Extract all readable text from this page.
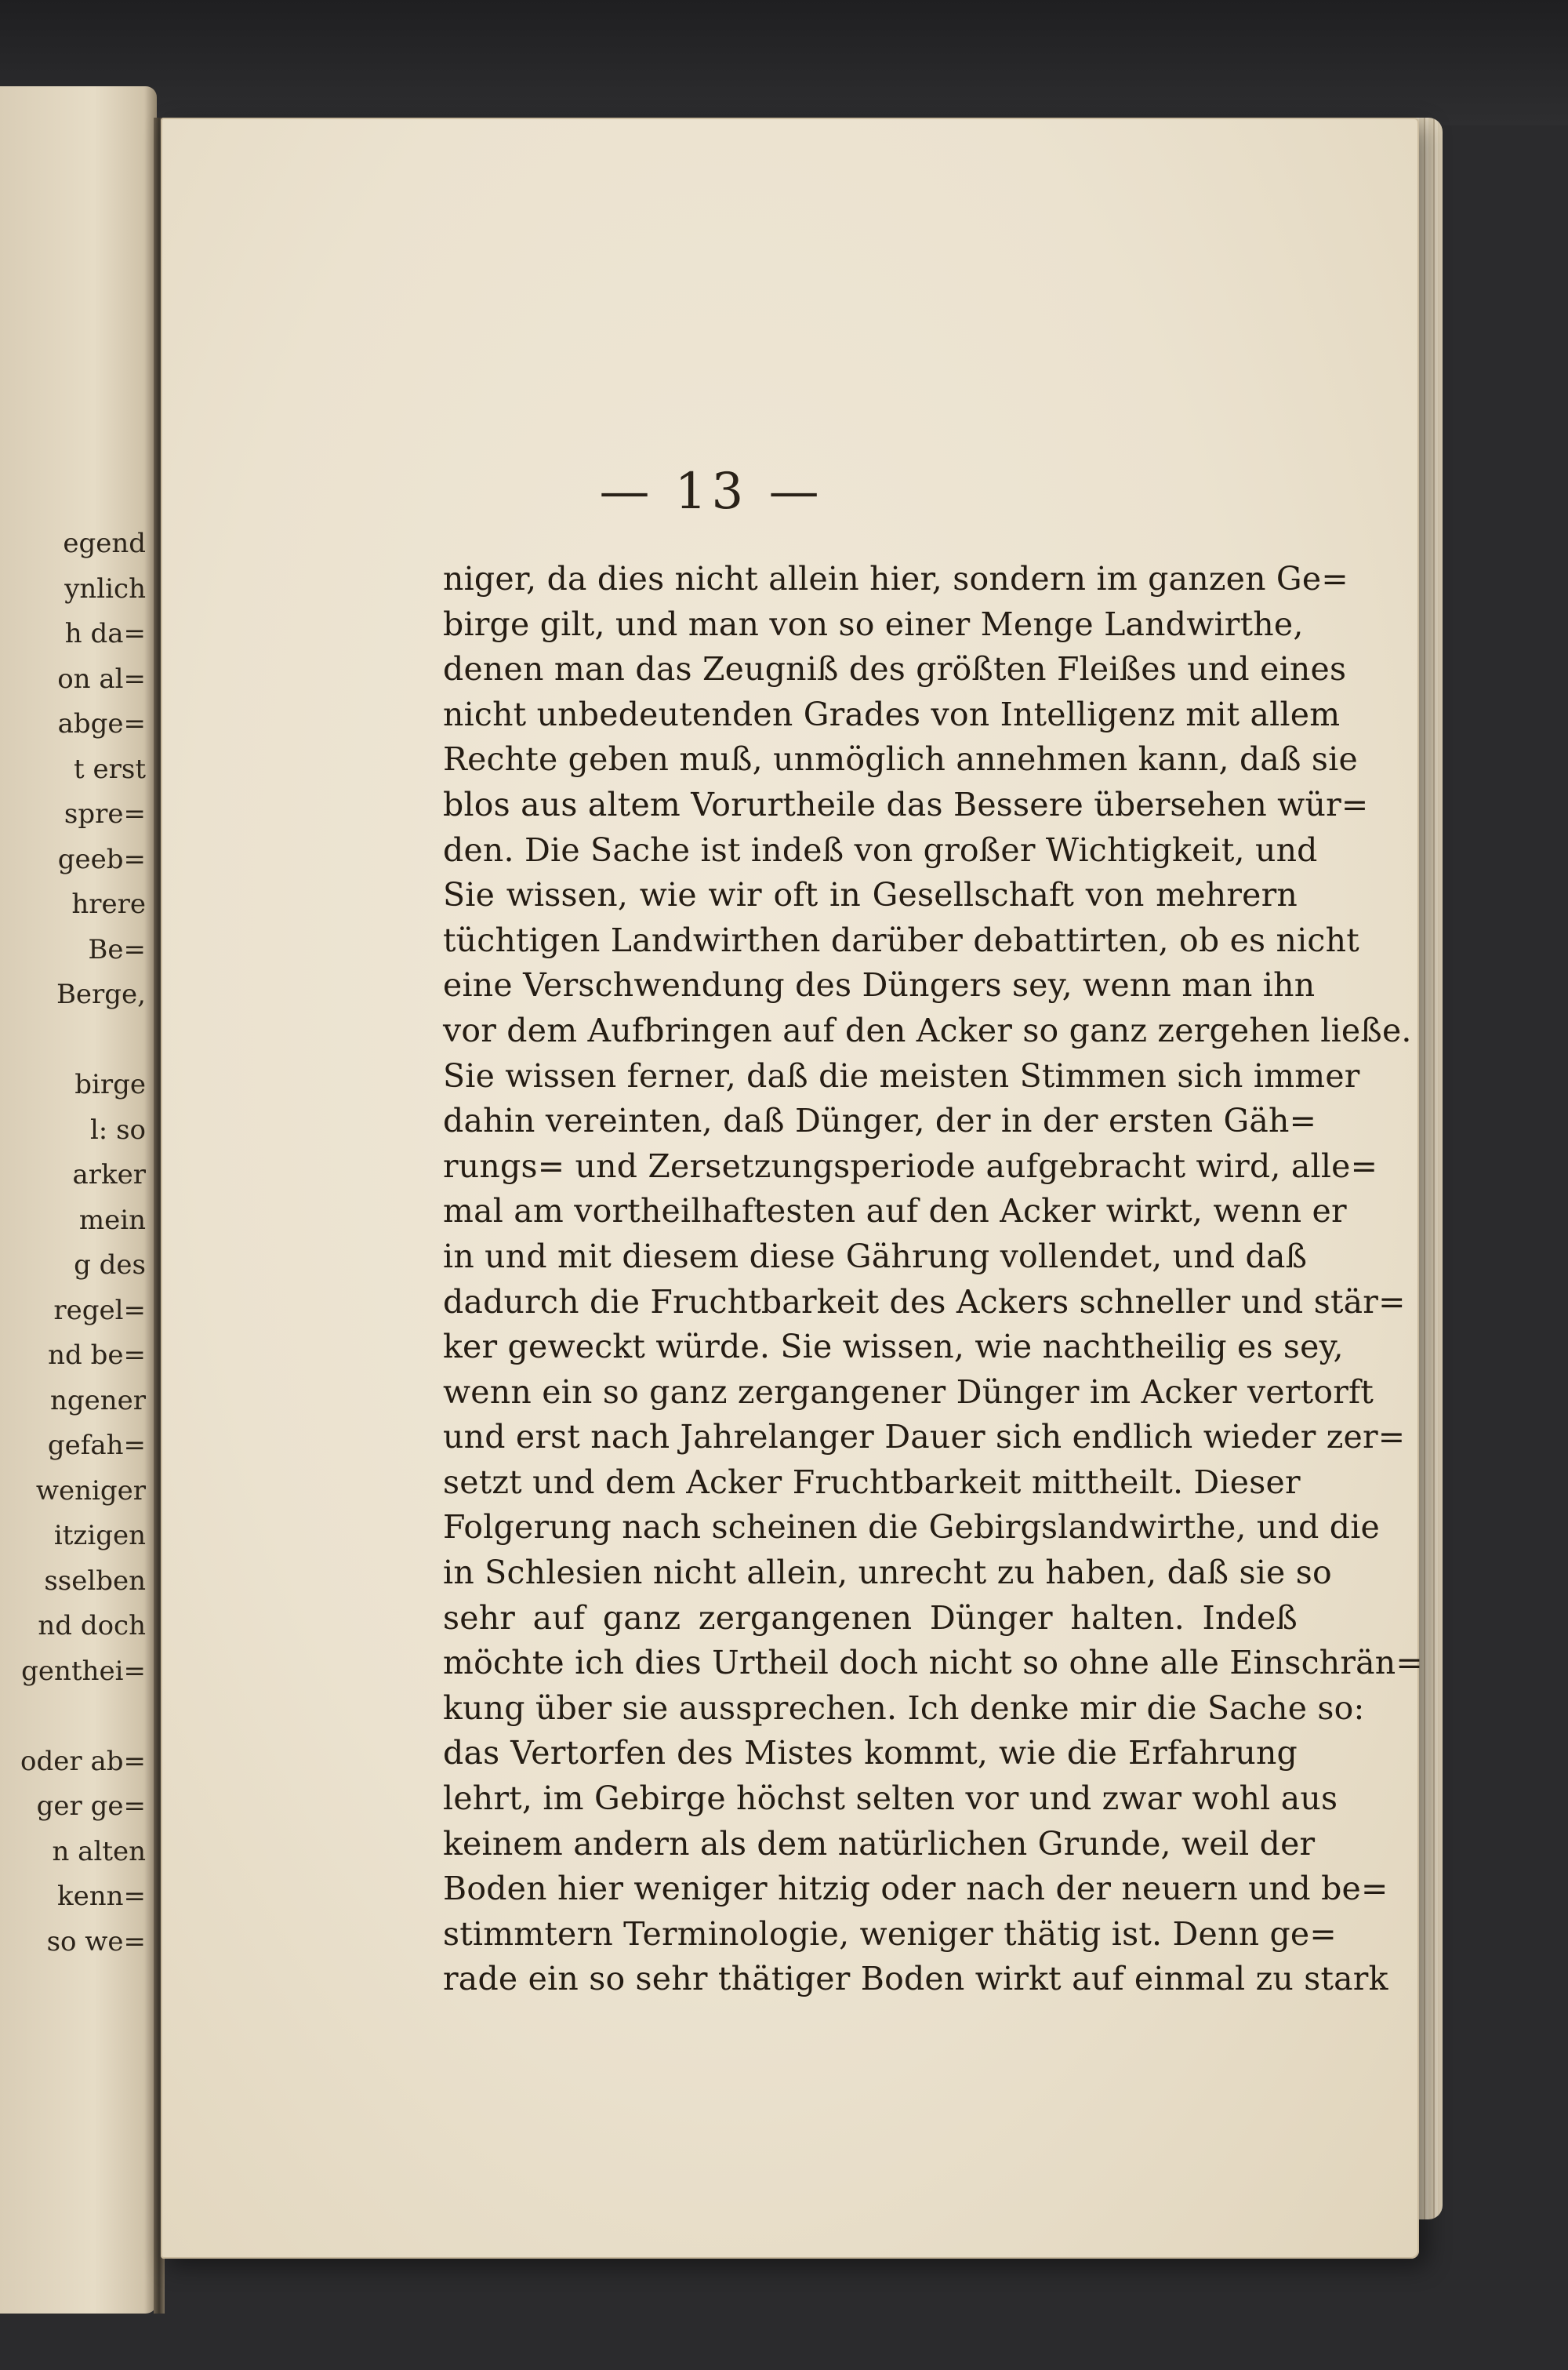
egend
ynlich
h da=
on al=
abge=
t erst
spre=
geeb=
hrere
Be=
Berge,
birge
l: so
arker
mein
g des
regel=
nd be=
ngener
gefah=
weniger
itzigen
sselben
nd doch
genthei=
oder ab=
ger ge=
n alten
kenn=
so we=
— 13 —
niger, da dies nicht allein hier, sondern im ganzen Ge=
birge gilt, und man von so einer Menge Landwirthe,
denen man das Zeugniß des größten Fleißes und eines
nicht unbedeutenden Grades von Intelligenz mit allem
Rechte geben muß, unmöglich annehmen kann, daß sie
blos aus altem Vorurtheile das Bessere übersehen wür=
den. Die Sache ist indeß von großer Wichtigkeit, und
Sie wissen, wie wir oft in Gesellschaft von mehrern
tüchtigen Landwirthen darüber debattirten, ob es nicht
eine Verschwendung des Düngers sey, wenn man ihn
vor dem Aufbringen auf den Acker so ganz zergehen ließe.
Sie wissen ferner, daß die meisten Stimmen sich immer
dahin vereinten, daß Dünger, der in der ersten Gäh=
rungs= und Zersetzungsperiode aufgebracht wird, alle=
mal am vortheilhaftesten auf den Acker wirkt, wenn er
in und mit diesem diese Gährung vollendet, und daß
dadurch die Fruchtbarkeit des Ackers schneller und stär=
ker geweckt würde. Sie wissen, wie nachtheilig es sey,
wenn ein so ganz zergangener Dünger im Acker vertorft
und erst nach Jahrelanger Dauer sich endlich wieder zer=
setzt und dem Acker Fruchtbarkeit mittheilt. Dieser
Folgerung nach scheinen die Gebirgslandwirthe, und die
in Schlesien nicht allein, unrecht zu haben, daß sie so
sehr auf ganz zergangenen Dünger halten. Indeß
möchte ich dies Urtheil doch nicht so ohne alle Einschrän=
kung über sie aussprechen. Ich denke mir die Sache so:
das Vertorfen des Mistes kommt, wie die Erfahrung
lehrt, im Gebirge höchst selten vor und zwar wohl aus
keinem andern als dem natürlichen Grunde, weil der
Boden hier weniger hitzig oder nach der neuern und be=
stimmtern Terminologie, weniger thätig ist. Denn ge=
rade ein so sehr thätiger Boden wirkt auf einmal zu stark
